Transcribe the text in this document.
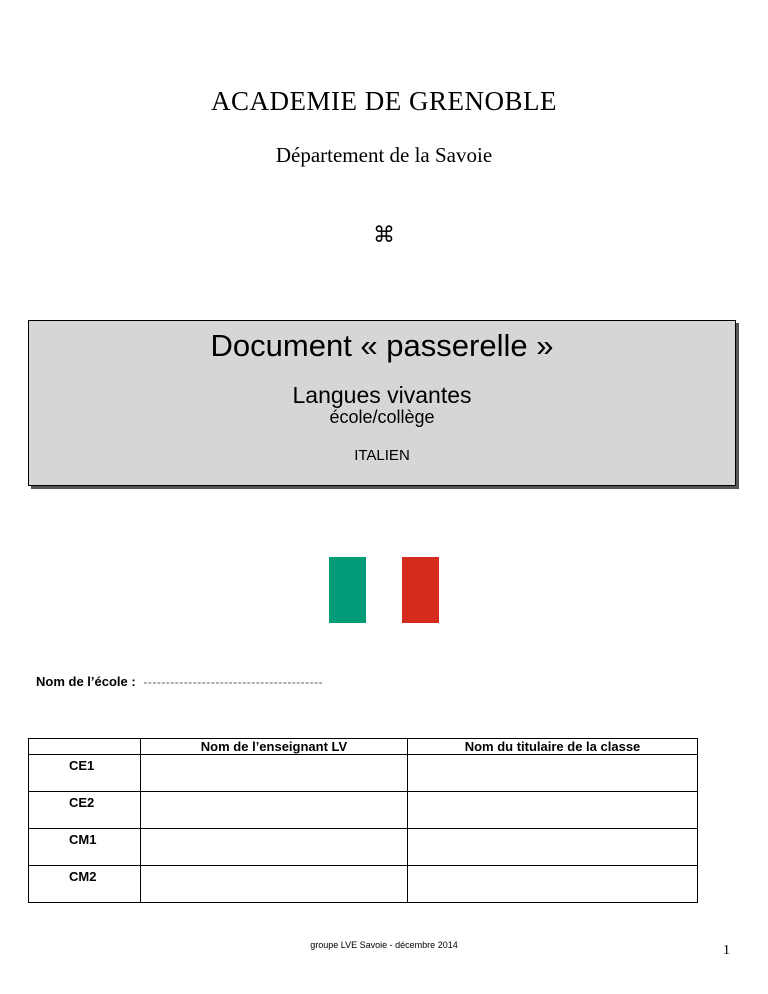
ACADEMIE DE GRENOBLE
Département de la Savoie
⌘
Document « passerelle »
Langues vivantes
école/collège
ITALIEN
Nom de l’école : ----------------------------------------
	Nom de l’enseignant LV	Nom du titulaire de la classe
CE1		
CE2		
CM1		
CM2		
groupe LVE Savoie - décembre 2014	1
